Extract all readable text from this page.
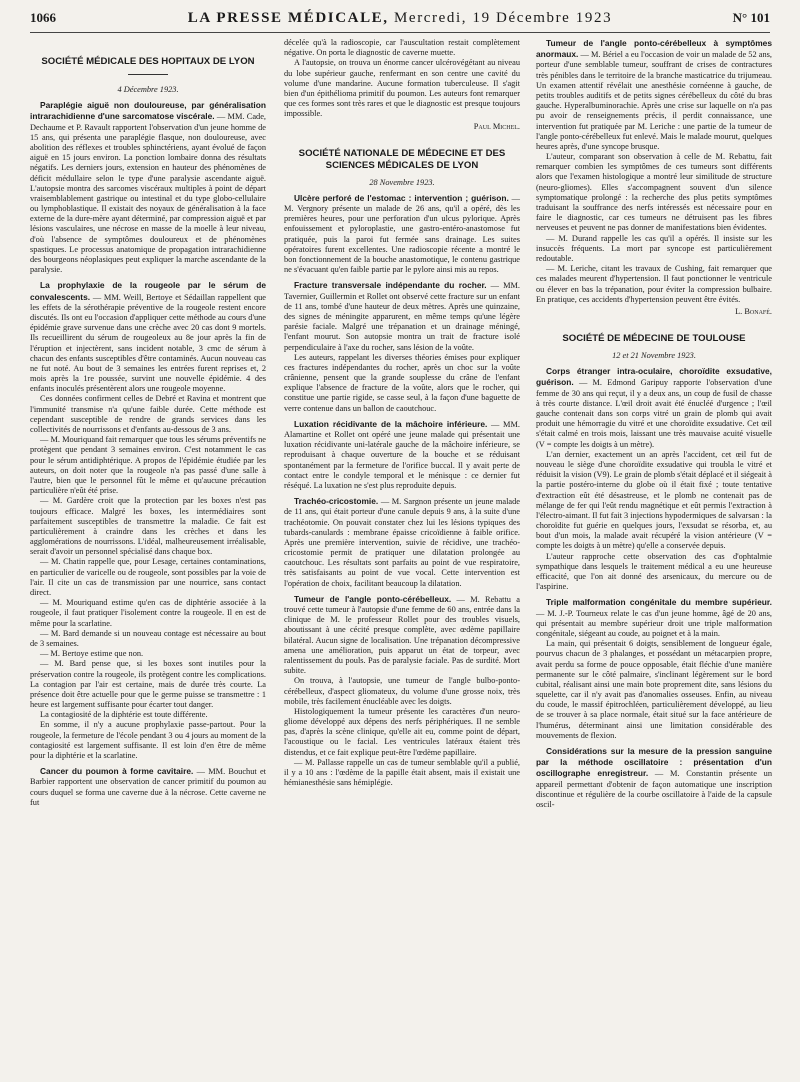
1066	LA PRESSE MÉDICALE, Mercredi, 19 Décembre 1923	N° 101
SOCIÉTÉ MÉDICALE DES HOPITAUX DE LYON
4 Décembre 1923.

Paraplégie aiguë non douloureuse, par généralisation intrarachidienne d'une sarcomatose viscérale. — MM. Cade, Dechaume et P. Ravault rapportent l'observation d'un jeune homme de 15 ans, qui présenta une paraplégie flasque, non douloureuse, avec abolition des réflexes et troubles sphinctériens, ayant évolué de façon aiguë en 15 jours environ. La ponction lombaire donna des résultats négatifs. Les derniers jours, extension en hauteur des phénomènes de déficit médullaire selon le type d'une paralysie ascendante aiguë. L'autopsie montra des sarcomes viscéraux multiples à point de départ vraisemblablement gastrique ou intestinal et du type globo-cellulaire ou lymphoblastique. Il existait des noyaux de généralisation à la face externe de la dure-mère ayant déterminé, par compression aiguë et par lésions vasculaires, une nécrose en masse de la moelle à leur niveau, d'où l'absence de symptômes douloureux et de phénomènes spastiques. Le processus anatomique de propagation intrarachidienne des bourgeons néoplasiques peut expliquer la marche ascendante de la paralysie.

La prophylaxie de la rougeole par le sérum de convalescents. — MM. Weill, Bertoye et Sédaillan rappellent que les effets de la sérothérapie préventive de la rougeole restent encore discutés. Ils ont eu l'occasion d'appliquer cette méthode au cours d'une épidémie grave survenue dans une crèche avec 20 cas dont 9 mortels. Ils recueillirent du sérum de rougeoleux au 8e jour après la fin de l'éruption et injectèrent, sans incident notable, 3 cmc de sérum à chacun des enfants susceptibles d'être contaminés. Aucun nouveau cas ne fut noté. Au bout de 3 semaines les entrées furent reprises et, 2 mois après la 1re poussée, survint une nouvelle épidémie. 4 des enfants inoculés présentèrent alors une rougeole moyenne.

Ces données confirment celles de Debré et Ravina et montrent que l'immunité transmise n'a qu'une faible durée. Cette méthode est cependant susceptible de rendre de grands services dans les collectivités de nourrissons et d'enfants au-dessous de 3 ans.

— M. Mouriquand fait remarquer que tous les sérums préventifs ne protègent que pendant 3 semaines environ. C'est notamment le cas pour le sérum antidiphtérique. A propos de l'épidémie étudiée par les auteurs, on doit noter que la rougeole n'a pas passé d'une salle à l'autre, bien que le personnel fût le même et qu'aucune précaution particulière n'eût été prise.

— M. Gardère croit que la protection par les boxes n'est pas toujours efficace. Malgré les boxes, les intermédiaires sont parfaitement susceptibles de transmettre la maladie. Ce fait est particulièrement à craindre dans les crèches et dans les agglomérations de nourrissons. L'idéal, malheureusement irréalisable, serait d'avoir un personnel spécialisé dans chaque box.

— M. Chatin rappelle que, pour Lesage, certaines contaminations, en particulier de varicelle ou de rougeole, sont possibles par la voie de l'air. Il cite un cas de transmission par une nourrice, sans contact direct.

— M. Mouriquand estime qu'en cas de diphtérie associée à la rougeole, il faut pratiquer l'isolement contre la rougeole. Il en est de même pour la scarlatine.

— M. Bard demande si un nouveau contage est nécessaire au bout de 3 semaines.

— M. Bertoye estime que non.

— M. Bard pense que, si les boxes sont inutiles pour la préservation contre la rougeole, ils protègent contre les complications. La contagion par l'air est certaine, mais de durée très courte. La présence doit être actuelle pour que le germe puisse se transmettre : 1 heure est largement suffisante pour écarter tout danger.

La contagiosité de la diphtérie est toute différente.

En somme, il n'y a aucune prophylaxie passe-partout. Pour la rougeole, la fermeture de l'école pendant 3 ou 4 jours au moment de la contagiosité est largement suffisante. Il est loin d'en être de même pour la diphtérie et la scarlatine.

Cancer du poumon à forme cavitaire. — MM. Bouchut et Barbier rapportent une observation de cancer primitif du poumon au cours duquel se forma une caverne due à la nécrose. Cette caverne ne fut

décelée qu'à la radioscopie, car l'auscultation restait complètement négative. On porta le diagnostic de caverne muette.

A l'autopsie, on trouva un énorme cancer ulcérovégétant au niveau du lobe supérieur gauche, renfermant en son centre une cavité du volume d'une mandarine. Aucune formation tuberculeuse. Il s'agit bien d'un épithélioma primitif du poumon. Les auteurs font remarquer que ces formes sont très rares et que le diagnostic est presque toujours impossible.

Paul Michel.
SOCIÉTÉ NATIONALE DE MÉDECINE ET DES SCIENCES MÉDICALES DE LYON
28 Novembre 1923.

Ulcère perforé de l'estomac : intervention ; guérison. — M. Vergnory présente un malade de 26 ans, qu'il a opéré, dès les premières heures, pour une perforation d'un ulcus pylorique. Après enfouissement et pyloroplastie, une gastro-entéro-anastomose fut pratiquée, puis la paroi fut fermée sans drainage. Les suites opératoires furent excellentes. Une radioscopie récente a montré le bon fonctionnement de la bouche anastomotique, le contenu gastrique ne s'évacuant qu'en faible partie par le pylore ainsi mis au repos.

Fracture transversale indépendante du rocher. — MM. Tavernier, Guillermin et Rollet ont observé cette fracture sur un enfant de 11 ans, tombé d'une hauteur de deux mètres. Après une quinzaine, des signes de méningite apparurent, en même temps qu'une légère parésie faciale. Malgré une trépanation et un drainage méningé, l'enfant mourut. Son autopsie montra un trait de fracture isolé perpendiculaire à l'axe du rocher, sans lésion de la voûte.

Les auteurs, rappelant les diverses théories émises pour expliquer ces fractures indépendantes du rocher, après un choc sur la voûte crânienne, pensent que la grande souplesse du crâne de l'enfant explique l'absence de fracture de la voûte, alors que le rocher, qui constitue une partie rigide, se casse seul, à la façon d'une baguette de verre contenue dans un ballon de caoutchouc.

Luxation récidivante de la mâchoire inférieure. — MM. Alamartine et Rollet ont opéré une jeune malade qui présentait une luxation récidivante uni-latérale gauche de la mâchoire inférieure, se reproduisant à chaque ouverture de la bouche et se réduisant spontanément par la fermeture de l'orifice buccal. Il y avait perte de contact entre le condyle temporal et le ménisque : ce dernier fut réséqué. La luxation ne s'est plus reproduite depuis.

Trachéo-cricostomie. — M. Sargnon présente un jeune malade de 11 ans, qui était porteur d'une canule depuis 9 ans, à la suite d'une trachéotomie. On pouvait constater chez lui les lésions typiques des tubards-canulards : membrane épaisse cricoïdienne à faible orifice. Après une première intervention, suivie de récidive, une trachéo-cricostomie permit de pratiquer une dilatation prolongée au caoutchouc. Les résultats sont parfaits au point de vue respiratoire, très satisfaisants au point de vue vocal. Cette intervention est l'opération de choix, facilitant beaucoup la dilatation.

Tumeur de l'angle ponto-cérébelleux. — M. Rebattu a trouvé cette tumeur à l'autopsie d'une femme de 60 ans, entrée dans la clinique de M. le professeur Rollet pour des troubles visuels, aboutissant à une cécité presque complète, avec œdème papillaire bilatéral. Aucun signe de localisation. Une trépanation décompressive amena une amélioration, puis apparut un état de torpeur, avec ralentissement du pouls. Pas de paralysie faciale. Pas de surdité. Mort subite.

On trouva, à l'autopsie, une tumeur de l'angle bulbo-ponto-cérébelleux, d'aspect gliomateux, du volume d'une grosse noix, très mobile, très facilement énucléable avec les doigts.

Histologiquement la tumeur présente les caractères d'un neuro-gliome développé aux dépens des nerfs périphériques. Il ne semble pas, d'après la scène clinique, qu'elle ait eu, comme point de départ, l'acoustique ou le facial. Les ventricules latéraux étaient très distendus, et ce fait explique peut-être l'œdème papillaire.

— M. Pallasse rappelle un cas de tumeur semblable qu'il a publié, il y a 10 ans : l'œdème de la papille était absent, mais il existait une hémianesthésie sans hémiplégie.

Tumeur de l'angle ponto-cérébelleux à symptômes anormaux. — M. Bériel a eu l'occasion de voir un malade de 52 ans, porteur d'une semblable tumeur, souffrant de crises de contractures très pénibles dans le territoire de la branche masticatrice du trijumeau. Un examen attentif révélait une anesthésie cornéenne à gauche, de petits troubles auditifs et de petits signes cérébelleux du côté du bras gauche. Hyperalbuminorachie. Après une crise sur laquelle on n'a pas pu avoir de renseignements précis, il perdit connaissance, une intervention fut pratiquée par M. Leriche : une partie de la tumeur de l'angle ponto-cérébelleux fut enlevé. Mais le malade mourut, quelques heures après, d'une syncope brusque.

L'auteur, comparant son observation à celle de M. Rebattu, fait remarquer combien les symptômes de ces tumeurs sont différents alors que l'examen histologique a montré leur similitude de structure (neuro-gliomes). Elles s'accompagnent souvent d'un silence symptomatique prolongé : la recherche des plus petits symptômes traduisant la souffrance des nerfs intéressés est nécessaire pour en faire le diagnostic, car ces tumeurs ne détruisent pas les fibres nerveuses et peuvent ne pas donner de manifestations bien évidentes.

— M. Durand rappelle les cas qu'il a opérés. Il insiste sur les insuccès fréquents. La mort par syncope est particulièrement redoutable.

— M. Leriche, citant les travaux de Cushing, fait remarquer que ces malades meurent d'hypertension. Il faut ponctionner le ventricule ou élever en bas la trépanation, pour éviter la compression bulbaire. En pratique, ces accidents d'hypertension peuvent être évités.

L. Bonafé.
SOCIÉTÉ DE MÉDECINE DE TOULOUSE
12 et 21 Novembre 1923.

Corps étranger intra-oculaire, choroïdite exsudative, guérison. — M. Edmond Garipuy rapporte l'observation d'une femme de 30 ans qui reçut, il y a deux ans, un coup de fusil de chasse à très courte distance. L'œil droit avait été énucléé d'urgence ; l'œil gauche contenait dans son corps vitré un grain de plomb qui avait produit une hémorragie du vitré et une choroïdite exsudative. Cet œil s'était calmé en trois mois, laissant une très mauvaise acuité visuelle (V = compte les doigts à un mètre).

L'an dernier, exactement un an après l'accident, cet œil fut de nouveau le siège d'une choroïdite exsudative qui troubla le vitré et réduisit la vision (V9). Le grain de plomb s'était déplacé et il siégeait à la partie postéro-interne du globe où il était fixé ; toute tentative d'extraction eût été désastreuse, et le plomb ne contenait pas de mélange de fer qui l'eût rendu magnétique et eût permis l'extraction à l'électro-aimant. Il fut fait 3 injections hypodermiques de salvarsan : la choroïdite fut guérie en quelques jours, l'exsudat se résorba, et, au bout d'un mois, la malade avait récupéré la vision antérieure (V = compte les doigts à un mètre) qu'elle a conservée depuis.

L'auteur rapproche cette observation des cas d'ophtalmie sympathique dans lesquels le traitement médical a eu une heureuse efficacité, que l'on ait donné des arsenicaux, du mercure ou de l'aspirine.

Triple malformation congénitale du membre supérieur. — M. J.-P. Tourneux relate le cas d'un jeune homme, âgé de 20 ans, qui présentait au membre supérieur droit une triple malformation congénitale, siégeant au coude, au poignet et à la main.

La main, qui présentait 6 doigts, sensiblement de longueur égale, pourvus chacun de 3 phalanges, et possédant un métacarpien propre, avait perdu sa forme de pouce opposable, était fléchie d'une manière permanente sur le côté palmaire, s'inclinant légèrement sur le bord cubital, réalisant ainsi une main bote proprement dite, sans lésions du squelette, car il n'y avait pas d'anomalies osseuses. Enfin, au niveau du coude, le massif épitrochléen, particulièrement développé, au lieu de se trouver à sa place normale, était situé sur la face antérieure de l'humérus, déterminant ainsi une limitation considérable des mouvements de flexion.

Considérations sur la mesure de la pression sanguine par la méthode oscillatoire : présentation d'un oscillographe enregistreur. — M. Constantin présente un appareil permettant d'obtenir de façon automatique une inscription discontinue et régulière de la courbe oscillatoire à l'aide de la capsule oscil-
